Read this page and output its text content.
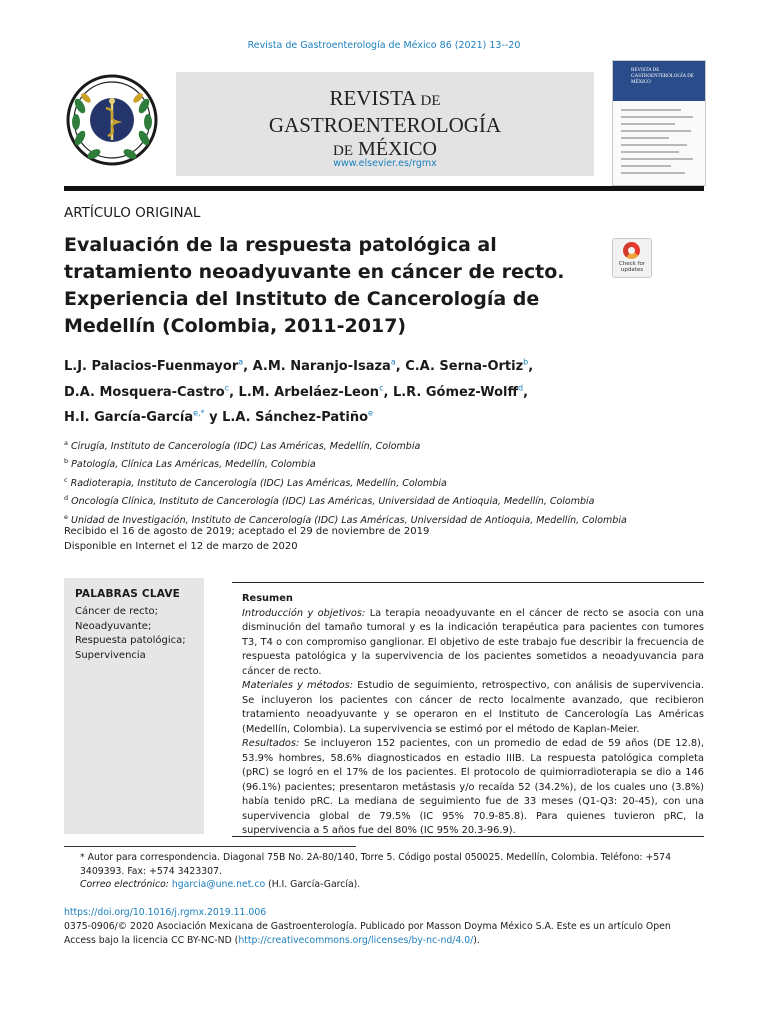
Revista de Gastroenterología de México 86 (2021) 13--20
REVISTA DE
GASTROENTEROLOGÍA
DE MÉXICO
www.elsevier.es/rgmx
REVISTA DE GASTROENTEROLOGÍA DE MÉXICO
ARTÍCULO ORIGINAL
Evaluación de la respuesta patológica al tratamiento neoadyuvante en cáncer de recto. Experiencia del Instituto de Cancerología de Medellín (Colombia, 2011-2017)
Check for updates
L.J. Palacios-Fuenmayor$^a$, A.M. Naranjo-Isaza$^a$, C.A. Serna-Ortiz$^b$,
D.A. Mosquera-Castro$^c$, L.M. Arbeláez-Leon$^c$, L.R. Gómez-Wolff$^d$,
H.I. García-García$^{e,*}$ y L.A. Sánchez-Patiño$^e$
$^a$ Cirugía, Instituto de Cancerología (IDC) Las Américas, Medellín, Colombia
$^b$ Patología, Clínica Las Américas, Medellín, Colombia
$^c$ Radioterapia, Instituto de Cancerología (IDC) Las Américas, Medellín, Colombia
$^d$ Oncología Clínica, Instituto de Cancerología (IDC) Las Américas, Universidad de Antioquia, Medellín, Colombia
$^e$ Unidad de Investigación, Instituto de Cancerología (IDC) Las Américas, Universidad de Antioquia, Medellín, Colombia
Recibido el 16 de agosto de 2019; aceptado el 29 de noviembre de 2019
Disponible en Internet el 12 de marzo de 2020
PALABRAS CLAVE
Cáncer de recto;
Neoadyuvante;
Respuesta patológica;
Supervivencia
Resumen
Introducción y objetivos: La terapia neoadyuvante en el cáncer de recto se asocia con una disminución del tamaño tumoral y es la indicación terapéutica para pacientes con tumores T3, T4 o con compromiso ganglionar. El objetivo de este trabajo fue describir la frecuencia de respuesta patológica y la supervivencia de los pacientes sometidos a neoadyuvancia para cáncer de recto.
Materiales y métodos: Estudio de seguimiento, retrospectivo, con análisis de supervivencia. Se incluyeron los pacientes con cáncer de recto localmente avanzado, que recibieron tratamiento neoadyuvante y se operaron en el Instituto de Cancerología Las Américas (Medellín, Colombia). La supervivencia se estimó por el método de Kaplan-Meier.
Resultados: Se incluyeron 152 pacientes, con un promedio de edad de 59 años (DE 12.8), 53.9% hombres, 58.6% diagnosticados en estadio IIIB. La respuesta patológica completa (pRC) se logró en el 17% de los pacientes. El protocolo de quimiorradioterapia se dio a 146 (96.1%) pacientes; presentaron metástasis y/o recaída 52 (34.2%), de los cuales uno (3.8%) había tenido pRC. La mediana de seguimiento fue de 33 meses (Q1-Q3: 20-45), con una supervivencia global de 79.5% (IC 95% 70.9-85.8). Para quienes tuvieron pRC, la supervivencia a 5 años fue del 80% (IC 95% 20.3-96.9).
* Autor para correspondencia. Diagonal 75B No. 2A-80/140, Torre 5. Código postal 050025. Medellín, Colombia. Teléfono: +574 3409393. Fax: +574 3423307.
Correo electrónico: hgarcia@une.net.co (H.I. García-García).
https://doi.org/10.1016/j.rgmx.2019.11.006
0375-0906/© 2020 Asociación Mexicana de Gastroenterología. Publicado por Masson Doyma México S.A. Este es un artículo Open Access bajo la licencia CC BY-NC-ND (http://creativecommons.org/licenses/by-nc-nd/4.0/).
